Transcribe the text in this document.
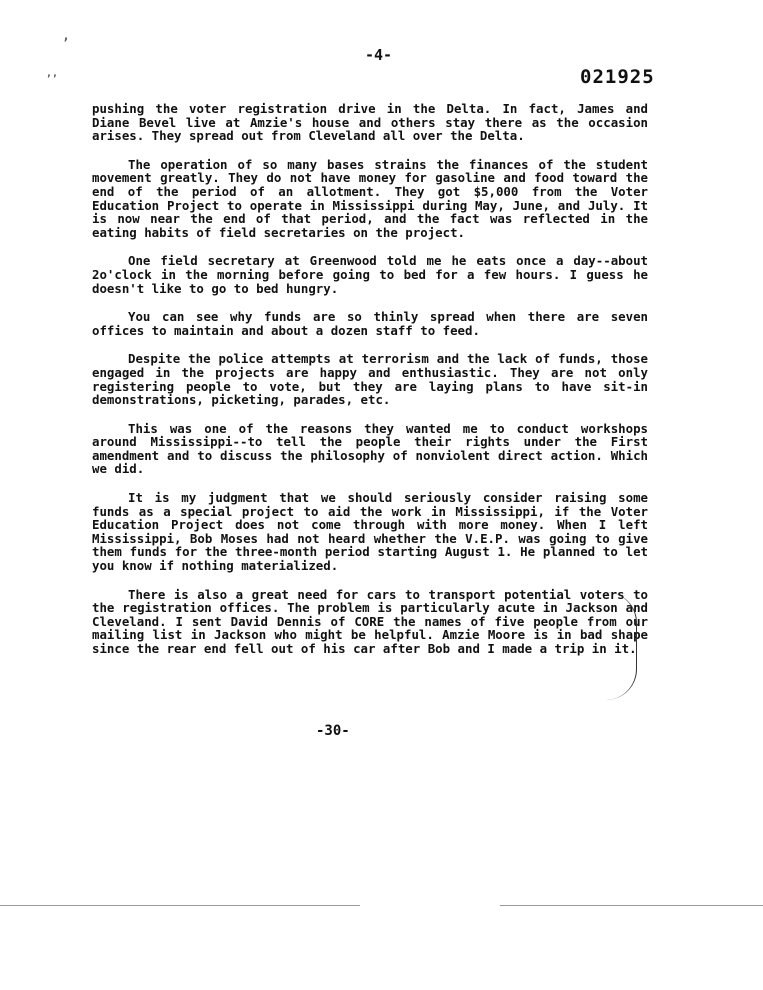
’
,,
-4-
021925

pushing the voter registration drive in the Delta. In fact, James and Diane Bevel live at Amzie's house and others stay there as the occasion arises. They spread out from Cleveland all over the Delta.

The operation of so many bases strains the finances of the student movement greatly. They do not have money for gasoline and food toward the end of the period of an allotment. They got $5,000 from the Voter Education Project to operate in Mississippi during May, June, and July. It is now near the end of that period, and the fact was reflected in the eating habits of field secretaries on the project.

One field secretary at Greenwood told me he eats once a day--about 2o'clock in the morning before going to bed for a few hours. I guess he doesn't like to go to bed hungry.

You can see why funds are so thinly spread when there are seven offices to maintain and about a dozen staff to feed.

Despite the police attempts at terrorism and the lack of funds, those engaged in the projects are happy and enthusiastic. They are not only registering people to vote, but they are laying plans to have sit-in demonstrations, picketing, parades, etc.

This was one of the reasons they wanted me to conduct workshops around Mississippi--to tell the people their rights under the First amendment and to discuss the philosophy of nonviolent direct action. Which we did.

It is my judgment that we should seriously consider raising some funds as a special project to aid the work in Mississippi, if the Voter Education Project does not come through with more money. When I left Mississippi, Bob Moses had not heard whether the V.E.P. was going to give them funds for the three-month period starting August 1. He planned to let you know if nothing materialized.

There is also a great need for cars to transport potential voters to the registration offices. The problem is particularly acute in Jackson and Cleveland. I sent David Dennis of CORE the names of five people from our mailing list in Jackson who might be helpful. Amzie Moore is in bad shape since the rear end fell out of his car after Bob and I made a trip in it.

-30-
